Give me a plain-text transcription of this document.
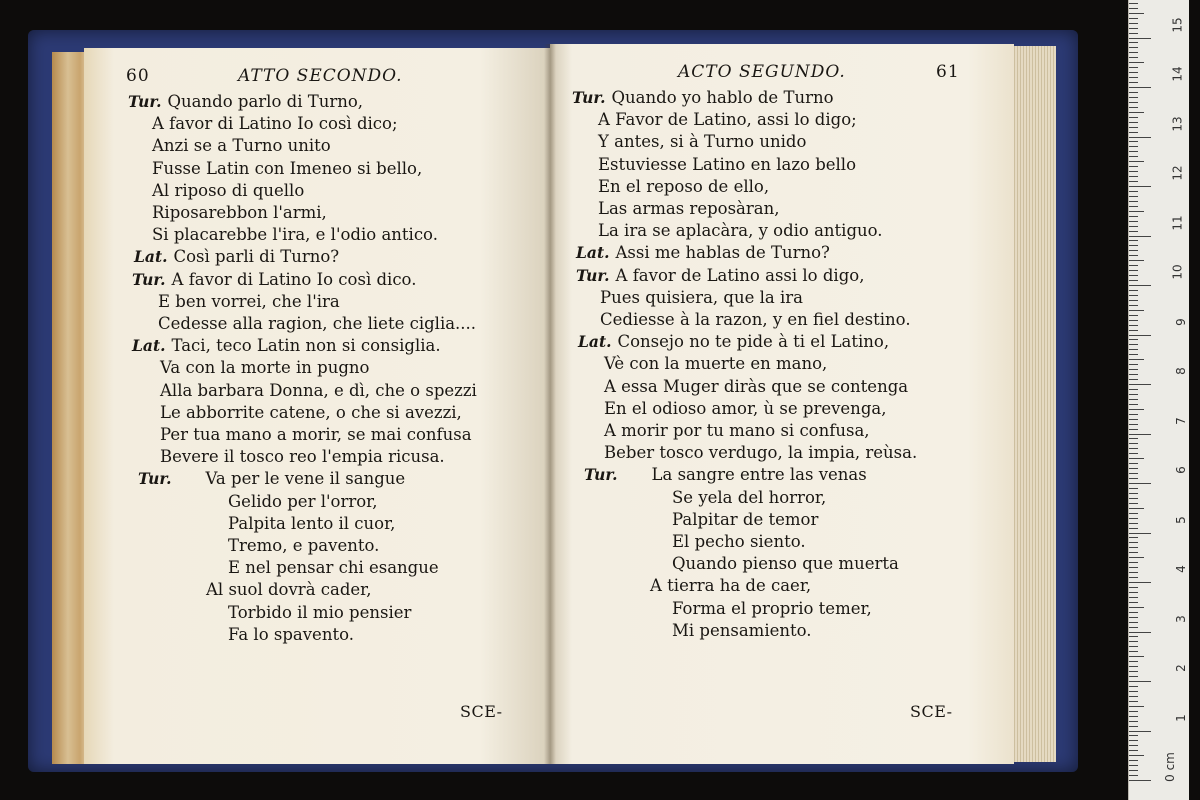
60	ATTO SECONDO.
Tur. Quando parlo di Turno,
A favor di Latino Io così dico;
Anzi se a Turno unito
Fusse Latin con Imeneo si bello,
Al riposo di quello
Riposarebbon l'armi,
Si placarebbe l'ira, e l'odio antico.
Lat. Così parli di Turno?
Tur. A favor di Latino Io così dico.
E ben vorrei, che l'ira
Cedesse alla ragion, che liete ciglia....
Lat. Taci, teco Latin non si consiglia.
Va con la morte in pugno
Alla barbara Donna, e dì, che o spezzi
Le abborrite catene, o che si avezzi,
Per tua mano a morir, se mai confusa
Bevere il tosco reo l'empia ricusa.
Tur. Va per le vene il sangue
Gelido per l'orror,
Palpita lento il cuor,
Tremo, e pavento.
E nel pensar chi esangue
Al suol dovrà cader,
Torbido il mio pensier
Fa lo spavento.
SCE-
ACTO SEGUNDO.	61
Tur. Quando yo hablo de Turno
A Favor de Latino, assi lo digo;
Y antes, si à Turno unido
Estuviesse Latino en lazo bello
En el reposo de ello,
Las armas reposàran,
La ira se aplacàra, y odio antiguo.
Lat. Assi me hablas de Turno?
Tur. A favor de Latino assi lo digo,
Pues quisiera, que la ira
Cediesse à la razon, y en fiel destino.
Lat. Consejo no te pide à ti el Latino,
Vè con la muerte en mano,
A essa Muger diràs que se contenga
En el odioso amor, ù se prevenga,
A morir por tu mano si confusa,
Beber tosco verdugo, la impia, reùsa.
Tur. La sangre entre las venas
Se yela del horror,
Palpitar de temor
El pecho siento.
Quando pienso que muerta
A tierra ha de caer,
Forma el proprio temer,
Mi pensamiento.
SCE-
0 cm
1
2
3
4
5
6
7
8
9
10
11
12
13
14
15
